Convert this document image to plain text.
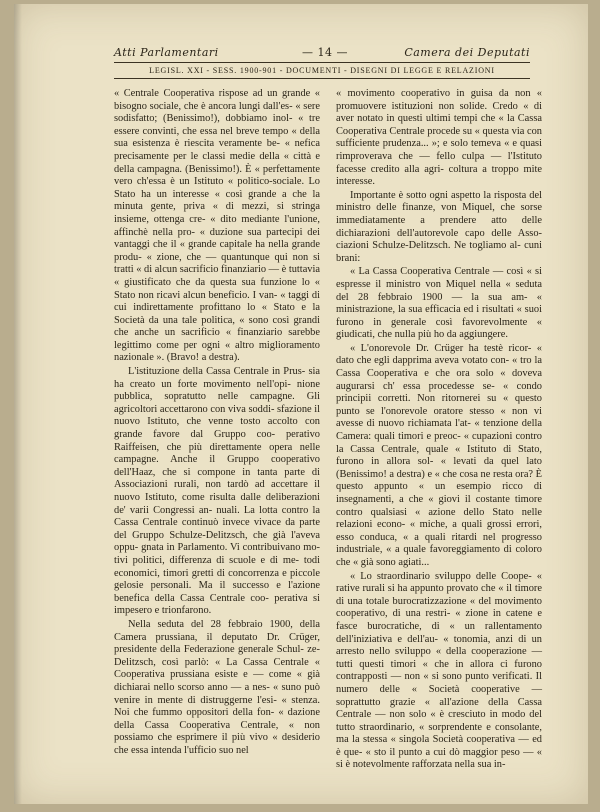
Atti Parlamentari	— 14 —	Camera dei Deputati
LEGISL. XXI - SESS. 1900-901 - DOCUMENTI - DISEGNI DI LEGGE E RELAZIONI

« Centrale Cooperativa rispose ad un grande « bisogno sociale, che è ancora lungi dall'es- « sere sodisfatto; (Benissimo!), dobbiamo inol- « tre essere convinti, che essa nel breve tempo « della sua esistenza è riescita veramente be- « nefica precisamente per le classi medie della « città e della campagna. (Benissimo!). È « perfettamente vero ch'essa è un Istituto « politico-sociale. Lo Stato ha un interesse « così grande a che la minuta gente, priva « di mezzi, si stringa insieme, ottenga cre- « dito mediante l'unione, affinchè nella pro- « duzione sua partecipi dei vantaggi che il « grande capitale ha nella grande produ- « zione, che — quantunque qui non si tratti « di alcun sacrificio finanziario — è tuttavia « giustificato che da questa sua funzione lo « Stato non ricavi alcun beneficio. I van- « taggi di cui indirettamente profittano lo « Stato e la Società da una tale politica, « sono così grandi che anche un sacrificio « finanziario sarebbe legittimo come per ogni « altro miglioramento nazionale ». (Bravo! a destra).

L'istituzione della Cassa Centrale in Prus- sia ha creato un forte movimento nell'opi- nione pubblica, sopratutto nelle campagne. Gli agricoltori accettarono con viva soddi- sfazione il nuovo Istituto, che venne tosto accolto con grande favore dal Gruppo coo- perativo Raiffeisen, che più direttamente opera nelle campagne. Anche il Gruppo cooperativo dell'Haaz, che si compone in tanta parte di Associazioni rurali, non tardò ad accettare il nuovo Istituto, come risulta dalle deliberazioni de' varii Congressi an- nuali. La lotta contro la Cassa Centrale continuò invece vivace da parte del Gruppo Schulze-Delitzsch, che già l'aveva oppu- gnata in Parlamento. Vi contribuivano mo- tivi politici, differenza di scuole e di me- todi economici, timori gretti di concorrenza e piccole gelosie personali. Ma il successo e l'azione benefica della Cassa Centrale coo- perativa si impesero e trionfarono.

Nella seduta del 28 febbraio 1900, della Camera prussiana, il deputato Dr. Crüger, presidente della Federazione generale Schul- ze-Delitzsch, così parlò: « La Cassa Centrale « Cooperativa prussiana esiste e — come « già dichiarai nello scorso anno — a nes- « suno può venire in mente di distruggerne l'esi- « stenza. Noi che fummo oppositori della fon- « dazione della Cassa Cooperativa Centrale, « non possiamo che esprimere il più vivo « desiderio che essa intenda l'ufficio suo nel

« movimento cooperativo in guisa da non « promuovere istituzioni non solide. Credo « di aver notato in questi ultimi tempi che « la Cassa Cooperativa Centrale procede su « questa via con sufficiente prudenza... »; e solo temeva « e quasi rimproverava che — fello culpa — l'Istituto facesse credito alla agri- coltura a troppo mite interesse.

Importante è sotto ogni aspetto la risposta del ministro delle finanze, von Miquel, che sorse immediatamente a prendere atto delle dichiarazioni dell'autorevole capo delle Asso- ciazioni Schulze-Delitzsch. Ne togliamo al- cuni brani:

« La Cassa Cooperativa Centrale — così « si espresse il ministro von Miquel nella « seduta del 28 febbraio 1900 — la sua am- « ministrazione, la sua efficacia ed i risultati « suoi furono in generale così favorevolmente « giudicati, che nulla più ho da aggiungere.

« L'onorevole Dr. Crüger ha testè ricor- « dato che egli dapprima aveva votato con- « tro la Cassa Cooperativa e che ora solo « doveva augurarsi ch' essa procedesse se- « condo principii corretti. Non ritornerei su « questo punto se l'onorevole oratore stesso « non vi avesse di nuovo richiamata l'at- « tenzione della Camera: quali timori e preoc- « cupazioni contro la Cassa Centrale, quale « Istituto di Stato, furono in allora sol- « levati da quel lato (Benissimo! a destra) e « che cosa ne resta ora? È questo appunto « un esempio ricco di insegnamenti, a che « giovi il costante timore contro qualsiasi « azione dello Stato nelle relazioni econo- « miche, a quali grossi errori, esso conduca, « a quali ritardi nel progresso industriale, « a quale favoreggiamento di coloro che « già sono agiati...

« Lo straordinario sviluppo delle Coope- « rative rurali si ha appunto provato che « il timore di una totale burocratizzazione « del movimento cooperativo, di una restri- « zione in catene e fasce burocratiche, di « un rallentamento dell'iniziativa e dell'au- « tonomia, anzi di un arresto nello sviluppo « della cooperazione — tutti questi timori « che in allora ci furono contrapposti — non « si sono punto verificati. Il numero delle « Società cooperative — soprattutto grazie « all'azione della Cassa Centrale — non solo « è cresciuto in modo del tutto straordinario, « sorprendente e consolante, ma la stessa « singola Società cooperativa — ed è que- « sto il punto a cui dò maggior peso — « si è notevolmente rafforzata nella sua in-
